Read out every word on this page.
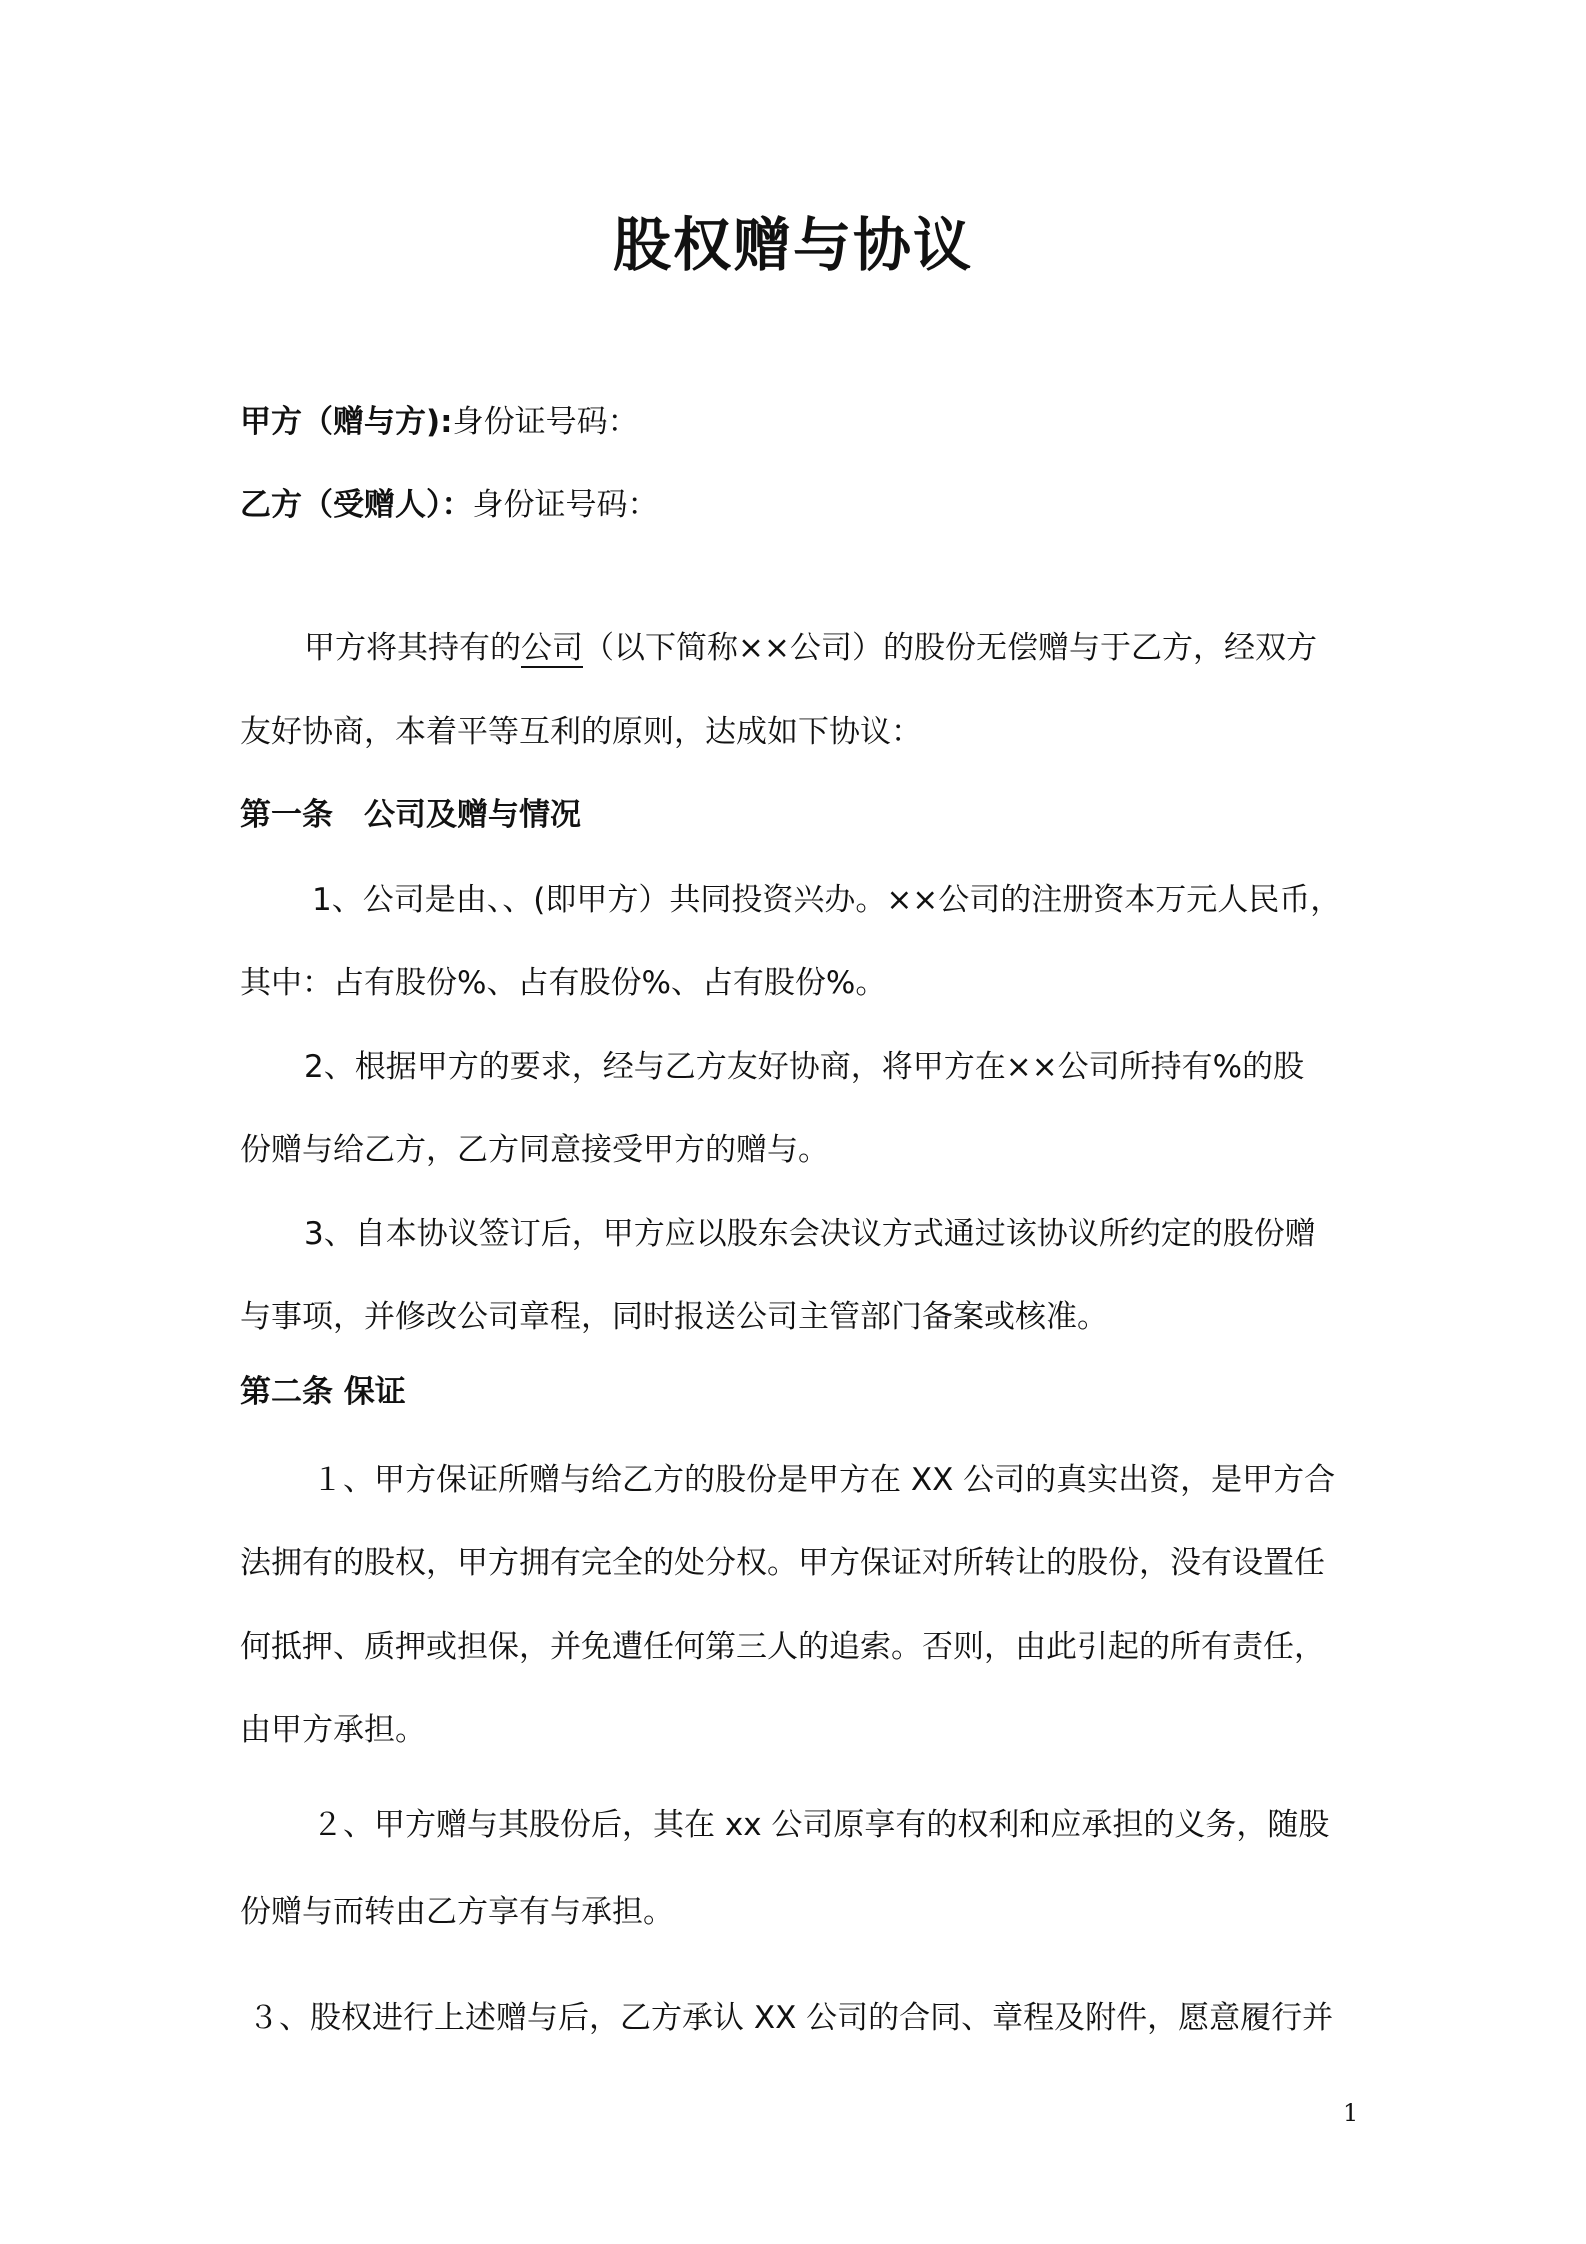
股权赠与协议
甲方（赠与方):身份证号码：
乙方（受赠人）：身份证号码：
甲方将其持有的公司（以下简称××公司）的股份无偿赠与于乙方，经双方
友好协商，本着平等互利的原则，达成如下协议：
第一条　公司及赠与情况
1、公司是由、、(即甲方）共同投资兴办。××公司的注册资本万元人民币，
其中：占有股份%、占有股份%、占有股份%。
2、根据甲方的要求，经与乙方友好协商，将甲方在××公司所持有%的股
份赠与给乙方，乙方同意接受甲方的赠与。
3、自本协议签订后，甲方应以股东会决议方式通过该协议所约定的股份赠
与事项，并修改公司章程，同时报送公司主管部门备案或核准。
第二条 保证
１、甲方保证所赠与给乙方的股份是甲方在 XX 公司的真实出资，是甲方合
法拥有的股权，甲方拥有完全的处分权。甲方保证对所转让的股份，没有设置任
何抵押、质押或担保，并免遭任何第三人的追索。否则，由此引起的所有责任，
由甲方承担。
２、甲方赠与其股份后，其在 xx 公司原享有的权利和应承担的义务，随股
份赠与而转由乙方享有与承担。
３、股权进行上述赠与后，乙方承认 XX 公司的合同、章程及附件，愿意履行并
1
